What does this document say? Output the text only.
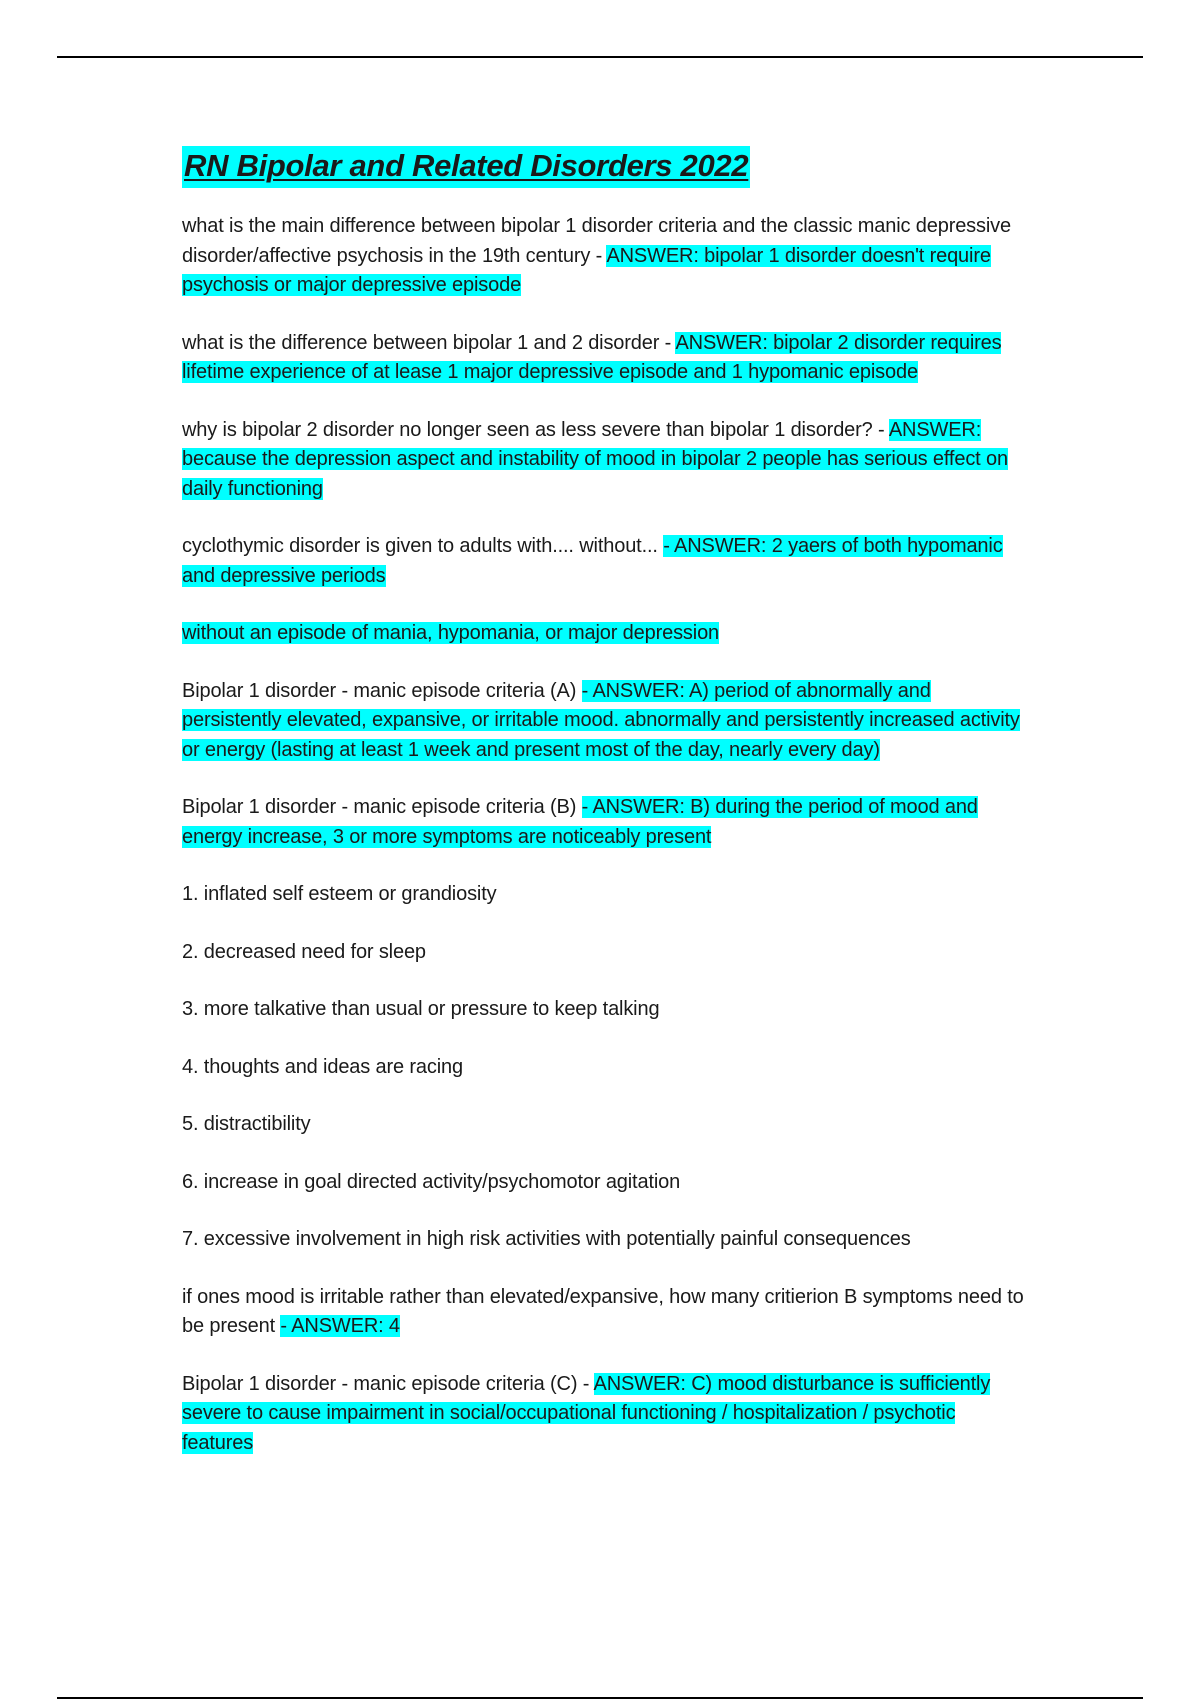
RN Bipolar and Related Disorders 2022

what is the main difference between bipolar 1 disorder criteria and the classic manic depressive disorder/affective psychosis in the 19th century - ANSWER: bipolar 1 disorder doesn't require psychosis or major depressive episode

what is the difference between bipolar 1 and 2 disorder - ANSWER: bipolar 2 disorder requires lifetime experience of at lease 1 major depressive episode and 1 hypomanic episode

why is bipolar 2 disorder no longer seen as less severe than bipolar 1 disorder? - ANSWER: because the depression aspect and instability of mood in bipolar 2 people has serious effect on daily functioning

cyclothymic disorder is given to adults with.... without... - ANSWER: 2 yaers of both hypomanic and depressive periods

without an episode of mania, hypomania, or major depression

Bipolar 1 disorder - manic episode criteria (A) - ANSWER: A) period of abnormally and persistently elevated, expansive, or irritable mood. abnormally and persistently increased activity or energy (lasting at least 1 week and present most of the day, nearly every day)

Bipolar 1 disorder - manic episode criteria (B) - ANSWER: B) during the period of mood and energy increase, 3 or more symptoms are noticeably present

1. inflated self esteem or grandiosity

2. decreased need for sleep

3. more talkative than usual or pressure to keep talking

4. thoughts and ideas are racing

5. distractibility

6. increase in goal directed activity/psychomotor agitation

7. excessive involvement in high risk activities with potentially painful consequences

if ones mood is irritable rather than elevated/expansive, how many critierion B symptoms need to be present - ANSWER: 4

Bipolar 1 disorder - manic episode criteria (C) - ANSWER: C) mood disturbance is sufficiently severe to cause impairment in social/occupational functioning / hospitalization / psychotic features
